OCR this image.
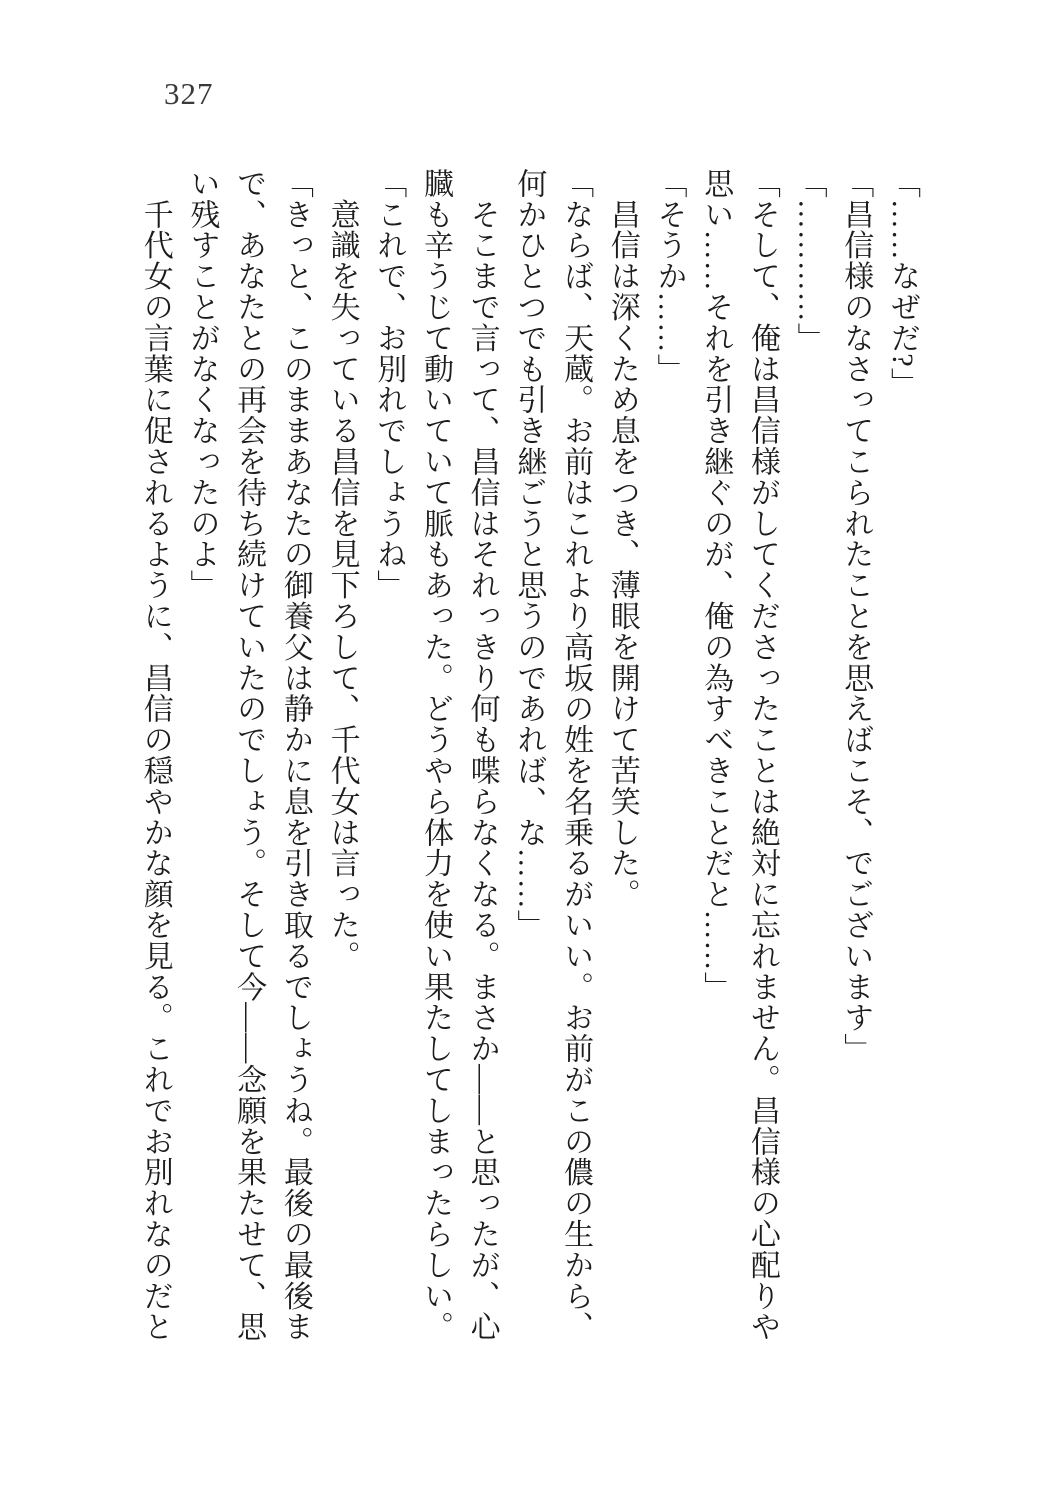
327
「……なぜだ?」
「昌信様のなさってこられたことを思えばこそ、でございます」
「…………」
「そして、俺は昌信様がしてくださったことは絶対に忘れません。昌信様の心配りや
思い……それを引き継ぐのが、俺の為すべきことだと……」
「そうか……」
　昌信は深くため息をつき、薄眼を開けて苦笑した。
「ならば、天蔵。お前はこれより高坂の姓を名乗るがいい。お前がこの儂の生から、
何かひとつでも引き継ごうと思うのであれば、な……」
　そこまで言って、昌信はそれっきり何も喋らなくなる。まさか――と思ったが、心
臓も辛うじて動いていて脈もあった。どうやら体力を使い果たしてしまったらしい。
「これで、お別れでしょうね」
　意識を失っている昌信を見下ろして、千代女は言った。
「きっと、このままあなたの御養父は静かに息を引き取るでしょうね。最後の最後ま
で、あなたとの再会を待ち続けていたのでしょう。そして今――念願を果たせて、思
い残すことがなくなったのよ」
　千代女の言葉に促されるように、昌信の穏やかな顔を見る。これでお別れなのだと
